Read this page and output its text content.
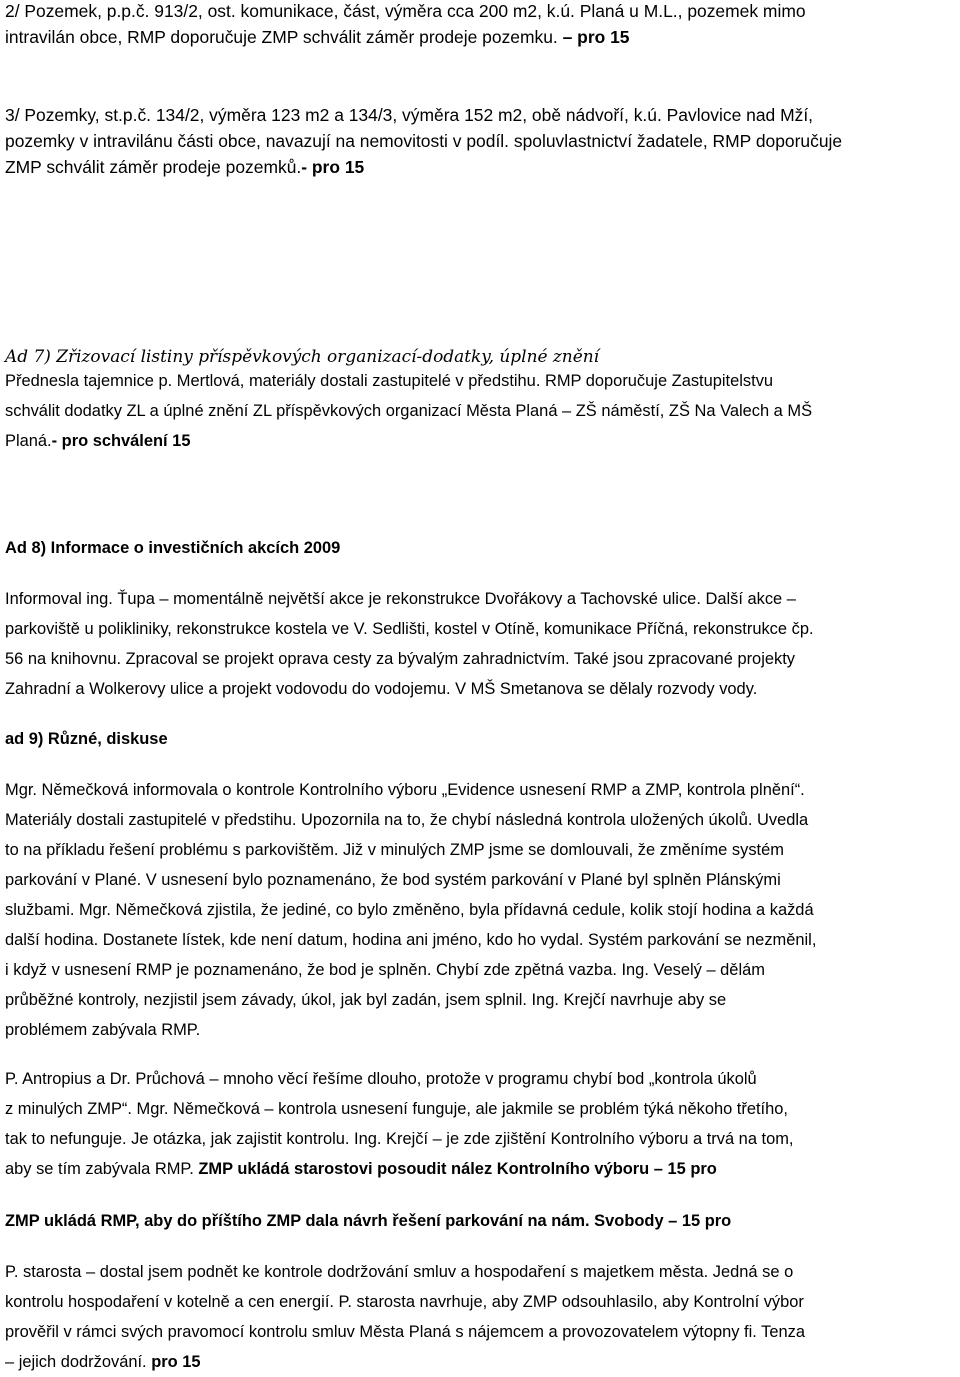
2/ Pozemek, p.p.č. 913/2, ost. komunikace, část, výměra cca 200 m2, k.ú. Planá u M.L., pozemek mimo
intravilán obce, RMP doporučuje ZMP schválit záměr prodeje pozemku. – pro 15
3/ Pozemky, st.p.č. 134/2, výměra 123 m2 a 134/3, výměra 152 m2, obě nádvoří, k.ú. Pavlovice nad Mží,
pozemky v intravilánu části obce, navazují na nemovitosti v podíl. spoluvlastnictví žadatele, RMP doporučuje
ZMP schválit záměr prodeje pozemků.- pro 15
Ad 7) Zřizovací listiny příspěvkových organizací-dodatky, úplné znění
Přednesla tajemnice p. Mertlová, materiály dostali zastupitelé v předstihu. RMP doporučuje Zastupitelstvu
schválit dodatky ZL a úplné znění ZL příspěvkových organizací Města Planá – ZŠ náměstí, ZŠ Na Valech a MŠ
Planá.- pro schválení 15
Ad 8) Informace o investičních akcích 2009
Informoval ing. Ťupa – momentálně největší akce je rekonstrukce Dvořákovy a Tachovské ulice. Další akce –
parkoviště u polikliniky, rekonstrukce kostela ve V. Sedlišti, kostel v Otíně, komunikace Příčná, rekonstrukce čp.
56 na knihovnu. Zpracoval se projekt oprava cesty za bývalým zahradnictvím. Také jsou zpracované projekty
Zahradní a Wolkerovy ulice a projekt vodovodu do vodojemu. V MŠ Smetanova se dělaly rozvody vody.
ad 9) Různé, diskuse
Mgr. Němečková informovala o kontrole Kontrolního výboru „Evidence usnesení RMP a ZMP, kontrola plnění“.
Materiály dostali zastupitelé v předstihu. Upozornila na to, že chybí následná kontrola uložených úkolů. Uvedla
to na příkladu řešení problému s parkovištěm. Již v minulých ZMP jsme se domlouvali, že změníme systém
parkování v Plané. V usnesení bylo poznamenáno, že bod systém parkování v Plané byl splněn Plánskými
službami. Mgr. Němečková zjistila, že jediné, co bylo změněno, byla přídavná cedule, kolik stojí hodina a každá
další hodina. Dostanete lístek, kde není datum, hodina ani jméno, kdo ho vydal. Systém parkování se nezměnil,
i když v usnesení RMP je poznamenáno, že bod je splněn. Chybí zde zpětná vazba. Ing. Veselý – dělám
průběžné kontroly, nezjistil jsem závady, úkol, jak byl zadán, jsem splnil. Ing. Krejčí navrhuje aby se
problémem zabývala RMP.
P. Antropius a Dr. Průchová – mnoho věcí řešíme dlouho, protože v programu chybí bod „kontrola úkolů
z minulých ZMP“. Mgr. Němečková – kontrola usnesení funguje, ale jakmile se problém týká někoho třetího,
tak to nefunguje. Je otázka, jak zajistit kontrolu. Ing. Krejčí – je zde zjištění Kontrolního výboru a trvá na tom,
aby se tím zabývala RMP. ZMP ukládá starostovi posoudit nález Kontrolního výboru – 15 pro
ZMP ukládá RMP, aby do příštího ZMP dala návrh řešení parkování na nám. Svobody – 15 pro
P. starosta – dostal jsem podnět ke kontrole dodržování smluv a hospodaření s majetkem města. Jedná se o
kontrolu hospodaření v kotelně a cen energií. P. starosta navrhuje, aby ZMP odsouhlasilo, aby Kontrolní výbor
prověřil v rámci svých pravomocí kontrolu smluv Města Planá s nájemcem a provozovatelem výtopny fi. Tenza
– jejich dodržování. pro 15
